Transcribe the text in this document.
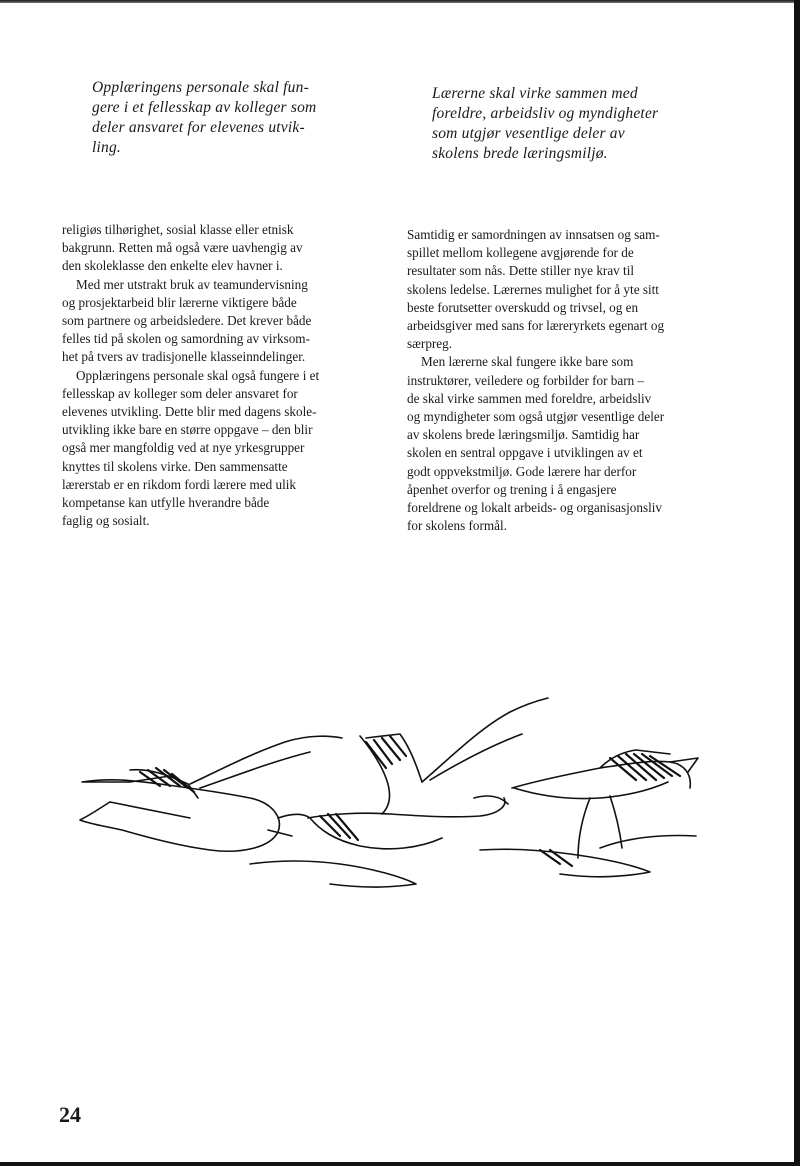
Opplæringens personale skal fun-
gere i et fellesskap av kolleger som
deler ansvaret for elevenes utvik-
ling.

Lærerne skal virke sammen med
foreldre, arbeidsliv og myndigheter
som utgjør vesentlige deler av
skolens brede læringsmiljø.

religiøs tilhørighet, sosial klasse eller etnisk
bakgrunn. Retten må også være uavhengig av
den skoleklasse den enkelte elev havner i.

Med mer utstrakt bruk av teamundervisning
og prosjektarbeid blir lærerne viktigere både
som partnere og arbeidsledere. Det krever både
felles tid på skolen og samordning av virksom-
het på tvers av tradisjonelle klasseinndelinger.

Opplæringens personale skal også fungere i et
fellesskap av kolleger som deler ansvaret for
elevenes utvikling. Dette blir med dagens skole-
utvikling ikke bare en større oppgave – den blir
også mer mangfoldig ved at nye yrkesgrupper
knyttes til skolens virke. Den sammensatte
lærerstab er en rikdom fordi lærere med ulik
kompetanse kan utfylle hverandre både
faglig og sosialt.

Samtidig er samordningen av innsatsen og sam-
spillet mellom kollegene avgjørende for de
resultater som nås. Dette stiller nye krav til
skolens ledelse. Lærernes mulighet for å yte sitt
beste forutsetter overskudd og trivsel, og en
arbeidsgiver med sans for læreryrkets egenart og
særpreg.

Men lærerne skal fungere ikke bare som
instruktører, veiledere og forbilder for barn –
de skal virke sammen med foreldre, arbeidsliv
og myndigheter som også utgjør vesentlige deler
av skolens brede læringsmiljø. Samtidig har
skolen en sentral oppgave i utviklingen av et
godt oppvekstmiljø. Gode lærere har derfor
åpenhet overfor og trening i å engasjere
foreldrene og lokalt arbeids- og organisasjonsliv
for skolens formål.

24
